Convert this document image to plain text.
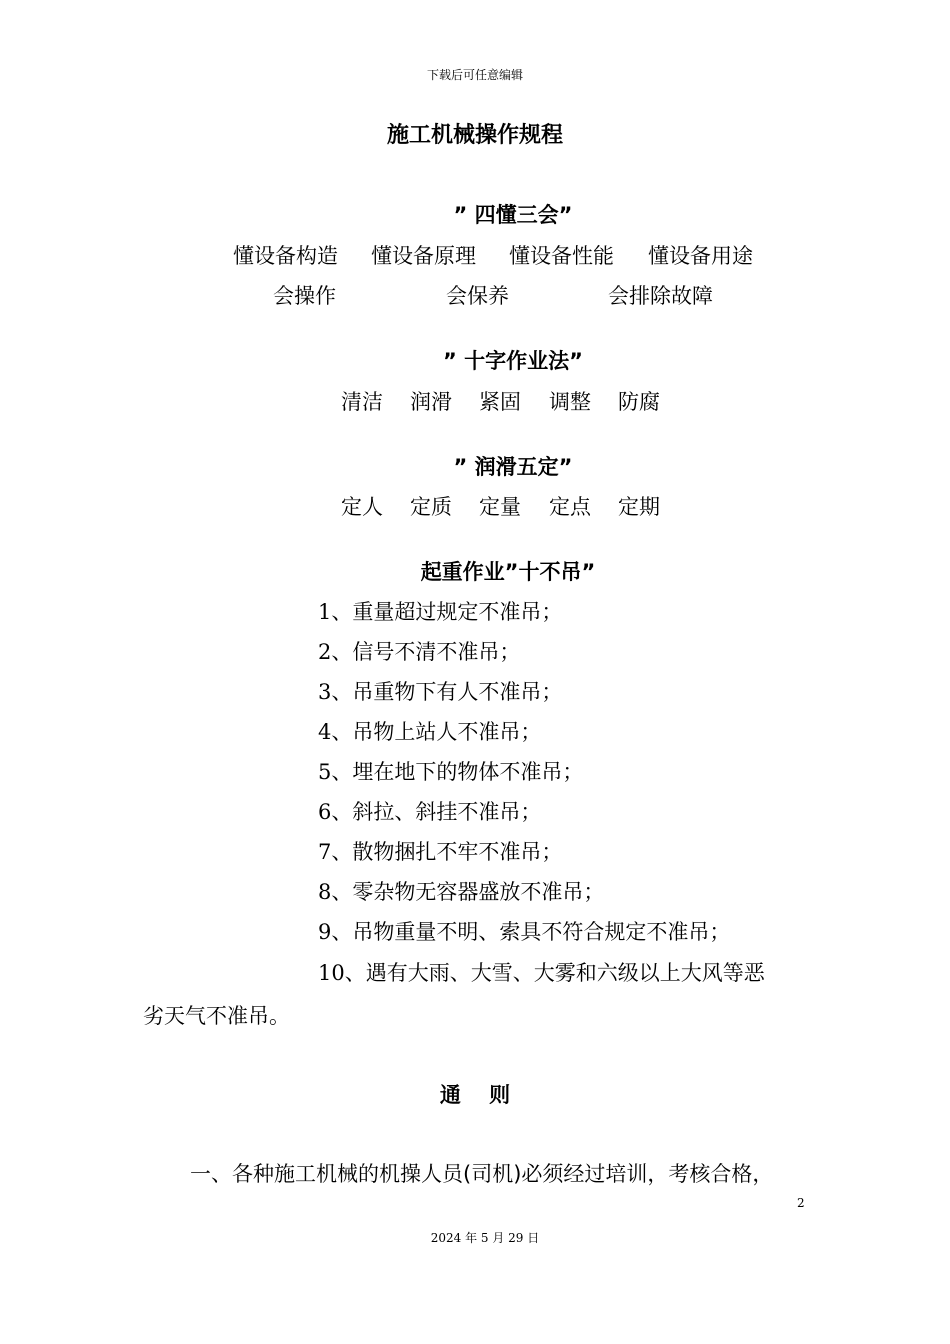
下载后可任意编辑
施工机械操作规程
” 四懂三会”
懂设备构造 懂设备原理 懂设备性能 懂设备用途
会操作	会保养	会排除故障
” 十字作业法”
清洁 润滑 紧固 调整 防腐
” 润滑五定”
定人 定质 定量 定点 定期
起重作业”十不吊”
1、重量超过规定不准吊；
2、信号不清不准吊；
3、吊重物下有人不准吊；
4、吊物上站人不准吊；
5、埋在地下的物体不准吊；
6、斜拉、斜挂不准吊；
7、散物捆扎不牢不准吊；
8、零杂物无容器盛放不准吊；
9、吊物重量不明、索具不符合规定不准吊；
10、遇有大雨、大雪、大雾和六级以上大风等恶
劣天气不准吊。
通　 则
一、各种施工机械的机操人员(司机)必须经过培训，考核合格，
2
2024 年 5 月 29 日
